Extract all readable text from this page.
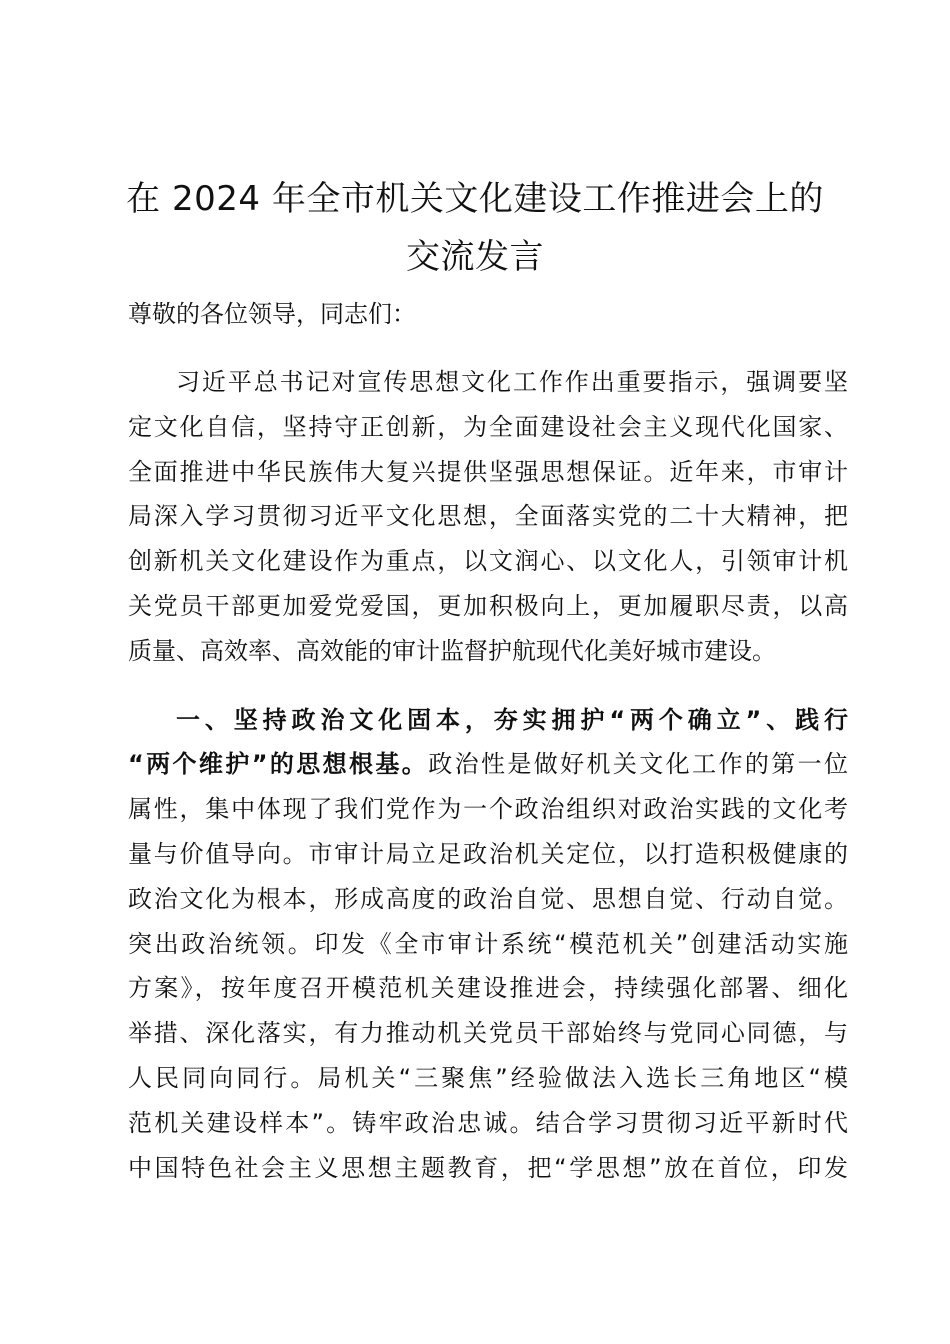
在 2024 年全市机关文化建设工作推进会上的
交流发言
尊敬的各位领导，同志们：
习近平总书记对宣传思想文化工作作出重要指示，强调要坚
定文化自信，坚持守正创新，为全面建设社会主义现代化国家、
全面推进中华民族伟大复兴提供坚强思想保证。近年来，市审计
局深入学习贯彻习近平文化思想，全面落实党的二十大精神，把
创新机关文化建设作为重点，以文润心、以文化人，引领审计机
关党员干部更加爱党爱国，更加积极向上，更加履职尽责，以高
质量、高效率、高效能的审计监督护航现代化美好城市建设。
一、坚持政治文化固本，夯实拥护“两个确立”、践行
“两个维护”的思想根基。政治性是做好机关文化工作的第一位
属性，集中体现了我们党作为一个政治组织对政治实践的文化考
量与价值导向。市审计局立足政治机关定位，以打造积极健康的
政治文化为根本，形成高度的政治自觉、思想自觉、行动自觉。
突出政治统领。印发《全市审计系统“模范机关”创建活动实施
方案》，按年度召开模范机关建设推进会，持续强化部署、细化
举措、深化落实，有力推动机关党员干部始终与党同心同德，与
人民同向同行。局机关“三聚焦”经验做法入选长三角地区“模
范机关建设样本”。铸牢政治忠诚。结合学习贯彻习近平新时代
中国特色社会主义思想主题教育，把“学思想”放在首位，印发
